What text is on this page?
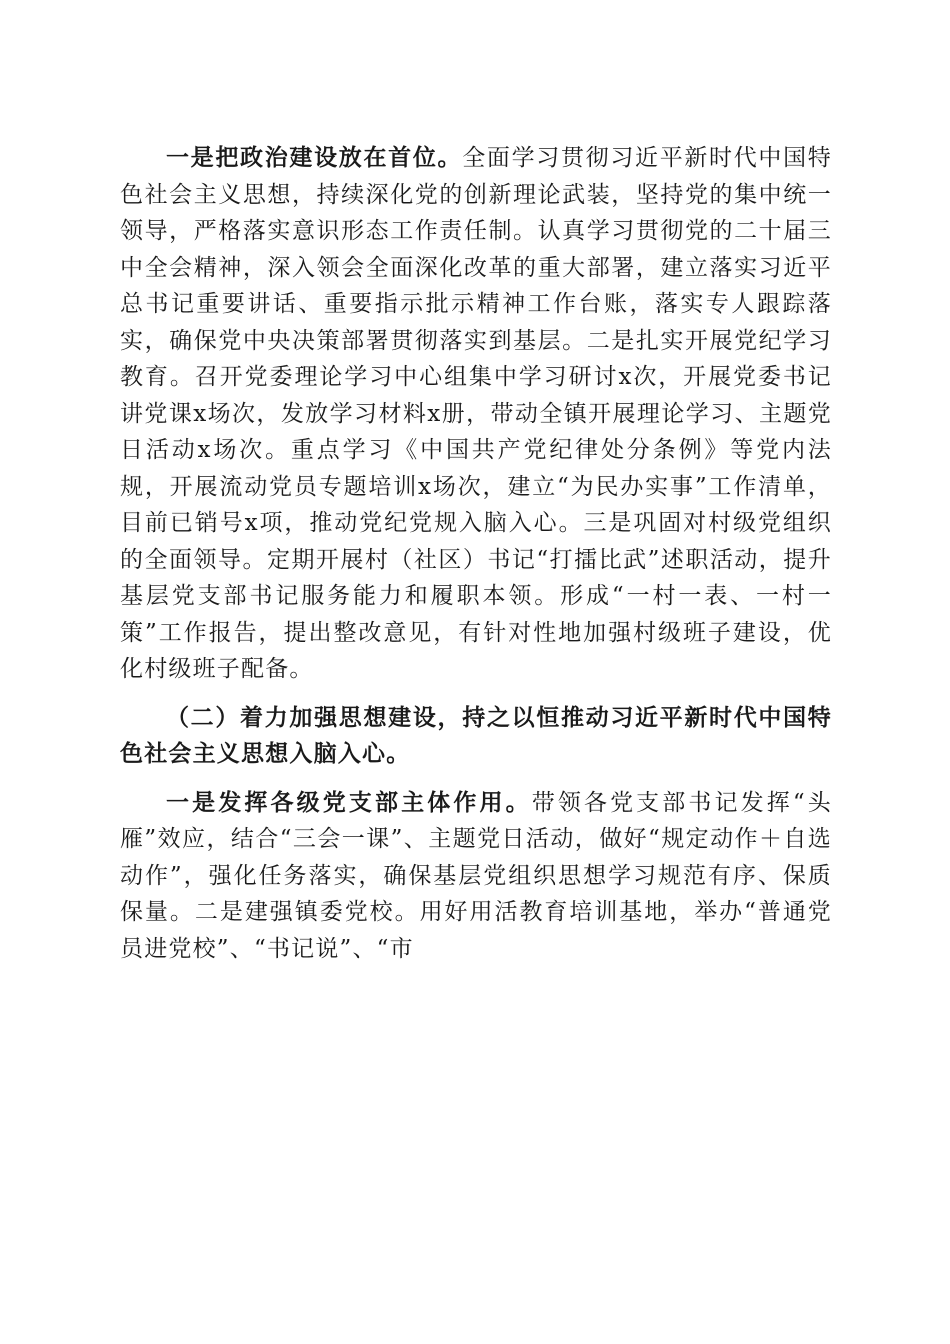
一是把政治建设放在首位。全面学习贯彻习近平新时代中国特色社会主义思想，持续深化党的创新理论武装，坚持党的集中统一领导，严格落实意识形态工作责任制。认真学习贯彻党的二十届三中全会精神，深入领会全面深化改革的重大部署，建立落实习近平总书记重要讲话、重要指示批示精神工作台账，落实专人跟踪落实，确保党中央决策部署贯彻落实到基层。二是扎实开展党纪学习教育。召开党委理论学习中心组集中学习研讨x次，开展党委书记讲党课x场次，发放学习材料x册，带动全镇开展理论学习、主题党日活动x场次。重点学习《中国共产党纪律处分条例》等党内法规，开展流动党员专题培训x场次，建立“为民办实事”工作清单，目前已销号x项，推动党纪党规入脑入心。三是巩固对村级党组织的全面领导。定期开展村（社区）书记“打擂比武”述职活动，提升基层党支部书记服务能力和履职本领。形成“一村一表、一村一策”工作报告，提出整改意见，有针对性地加强村级班子建设，优化村级班子配备。

（二）着力加强思想建设，持之以恒推动习近平新时代中国特色社会主义思想入脑入心。

一是发挥各级党支部主体作用。带领各党支部书记发挥“头雁”效应，结合“三会一课”、主题党日活动，做好“规定动作＋自选动作”，强化任务落实，确保基层党组织思想学习规范有序、保质保量。二是建强镇委党校。用好用活教育培训基地，举办“普通党员进党校”、“书记说”、“市
